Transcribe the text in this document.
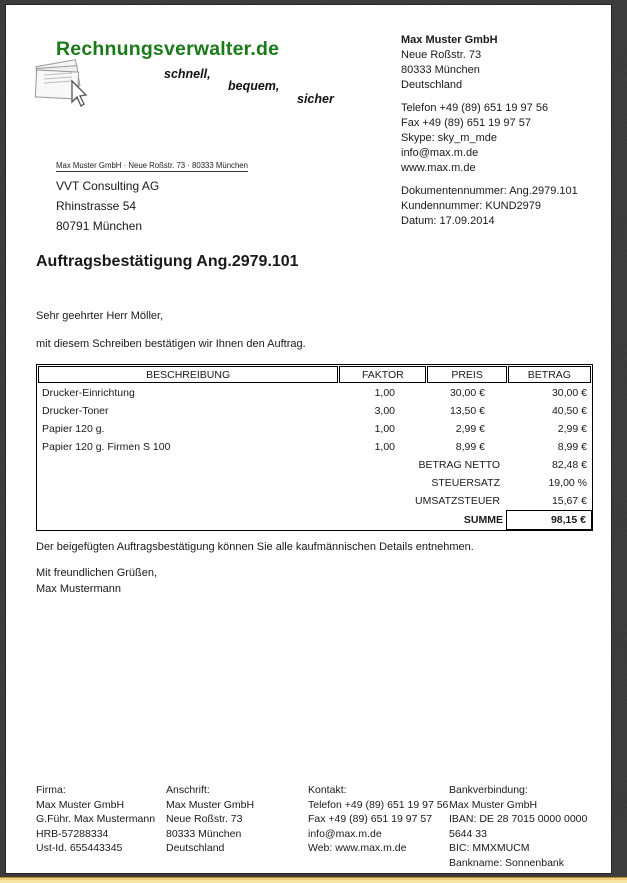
Rechnungsverwalter.de
schnell,
bequem,
sicher

Max Muster GmbH

Neue Roßstr. 73

80333 München

Deutschland

Telefon +49 (89) 651 19 97 56

Fax +49 (89) 651 19 97 57

Skype: sky_m_mde

info@max.m.de

www.max.m.de

Dokumentennummer: Ang.2979.101

Kundennummer: KUND2979

Datum: 17.09.2014

Max Muster GmbH · Neue Roßstr. 73 · 80333 München

VVT Consulting AG

Rhinstrasse 54

80791 München

Auftragsbestätigung Ang.2979.101

Sehr geehrter Herr Möller,

mit diesem Schreiben bestätigen wir Ihnen den Auftrag.

BESCHREIBUNG	FAKTOR	PREIS	BETRAG
Drucker-Einrichtung	1,00	30,00 €	30,00 €
Drucker-Toner	3,00	13,50 €	40,50 €
Papier 120 g.	1,00	2,99 €	2,99 €
Papier 120 g. Firmen S 100	1,00	8,99 €	8,99 €
BETRAG NETTO	82,48 €
STEUERSATZ	19,00 %
UMSATZSTEUER	15,67 €
SUMME	98,15 €

Der beigefügten Auftragsbestätigung können Sie alle kaufmännischen Details entnehmen.

Mit freundlichen Grüßen,

Max Mustermann

Firma:

Max Muster GmbH

G.Führ. Max Mustermann

HRB-57288334

Ust-Id. 655443345

Anschrift:

Max Muster GmbH

Neue Roßstr. 73

80333 München

Deutschland

Kontakt:

Telefon +49 (89) 651 19 97 56

Fax +49 (89) 651 19 97 57

info@max.m.de

Web: www.max.m.de

Bankverbindung:

Max Muster GmbH

IBAN: DE 28 7015 0000 0000

5644 33

BIC: MMXMUCM

Bankname: Sonnenbank
